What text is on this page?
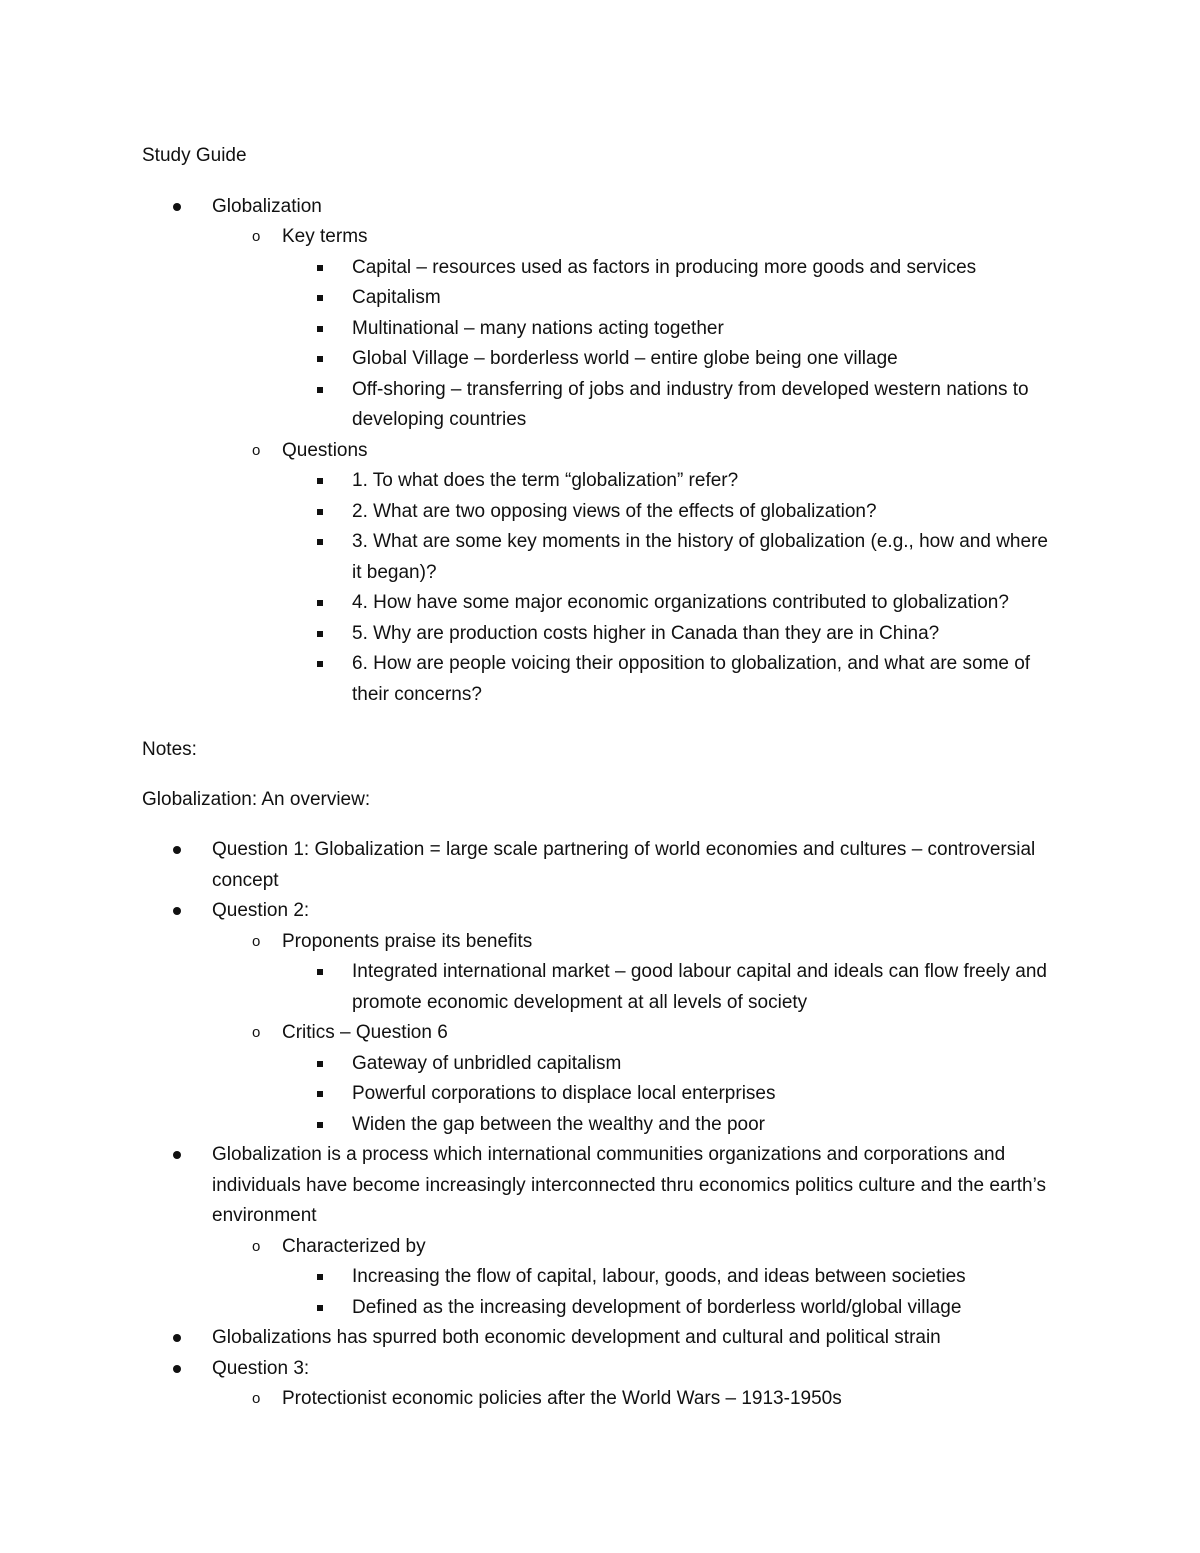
Study Guide
Globalization
o Key terms
Capital – resources used as factors in producing more goods and services
Capitalism
Multinational – many nations acting together
Global Village – borderless world – entire globe being one village
Off-shoring – transferring of jobs and industry from developed western nations to developing countries
o Questions
1. To what does the term “globalization” refer?
2. What are two opposing views of the effects of globalization?
3. What are some key moments in the history of globalization (e.g., how and where it began)?
4. How have some major economic organizations contributed to globalization?
5. Why are production costs higher in Canada than they are in China?
6. How are people voicing their opposition to globalization, and what are some of their concerns?
Notes:
Globalization: An overview:
Question 1: Globalization = large scale partnering of world economies and cultures – controversial concept
Question 2:
o Proponents praise its benefits
Integrated international market – good labour capital and ideals can flow freely and promote economic development at all levels of society
o Critics – Question 6
Gateway of unbridled capitalism
Powerful corporations to displace local enterprises
Widen the gap between the wealthy and the poor
Globalization is a process which international communities organizations and corporations and individuals have become increasingly interconnected thru economics politics culture and the earth’s environment
o Characterized by
Increasing the flow of capital, labour, goods, and ideas between societies
Defined as the increasing development of borderless world/global village
Globalizations has spurred both economic development and cultural and political strain
Question 3:
o Protectionist economic policies after the World Wars – 1913-1950s
